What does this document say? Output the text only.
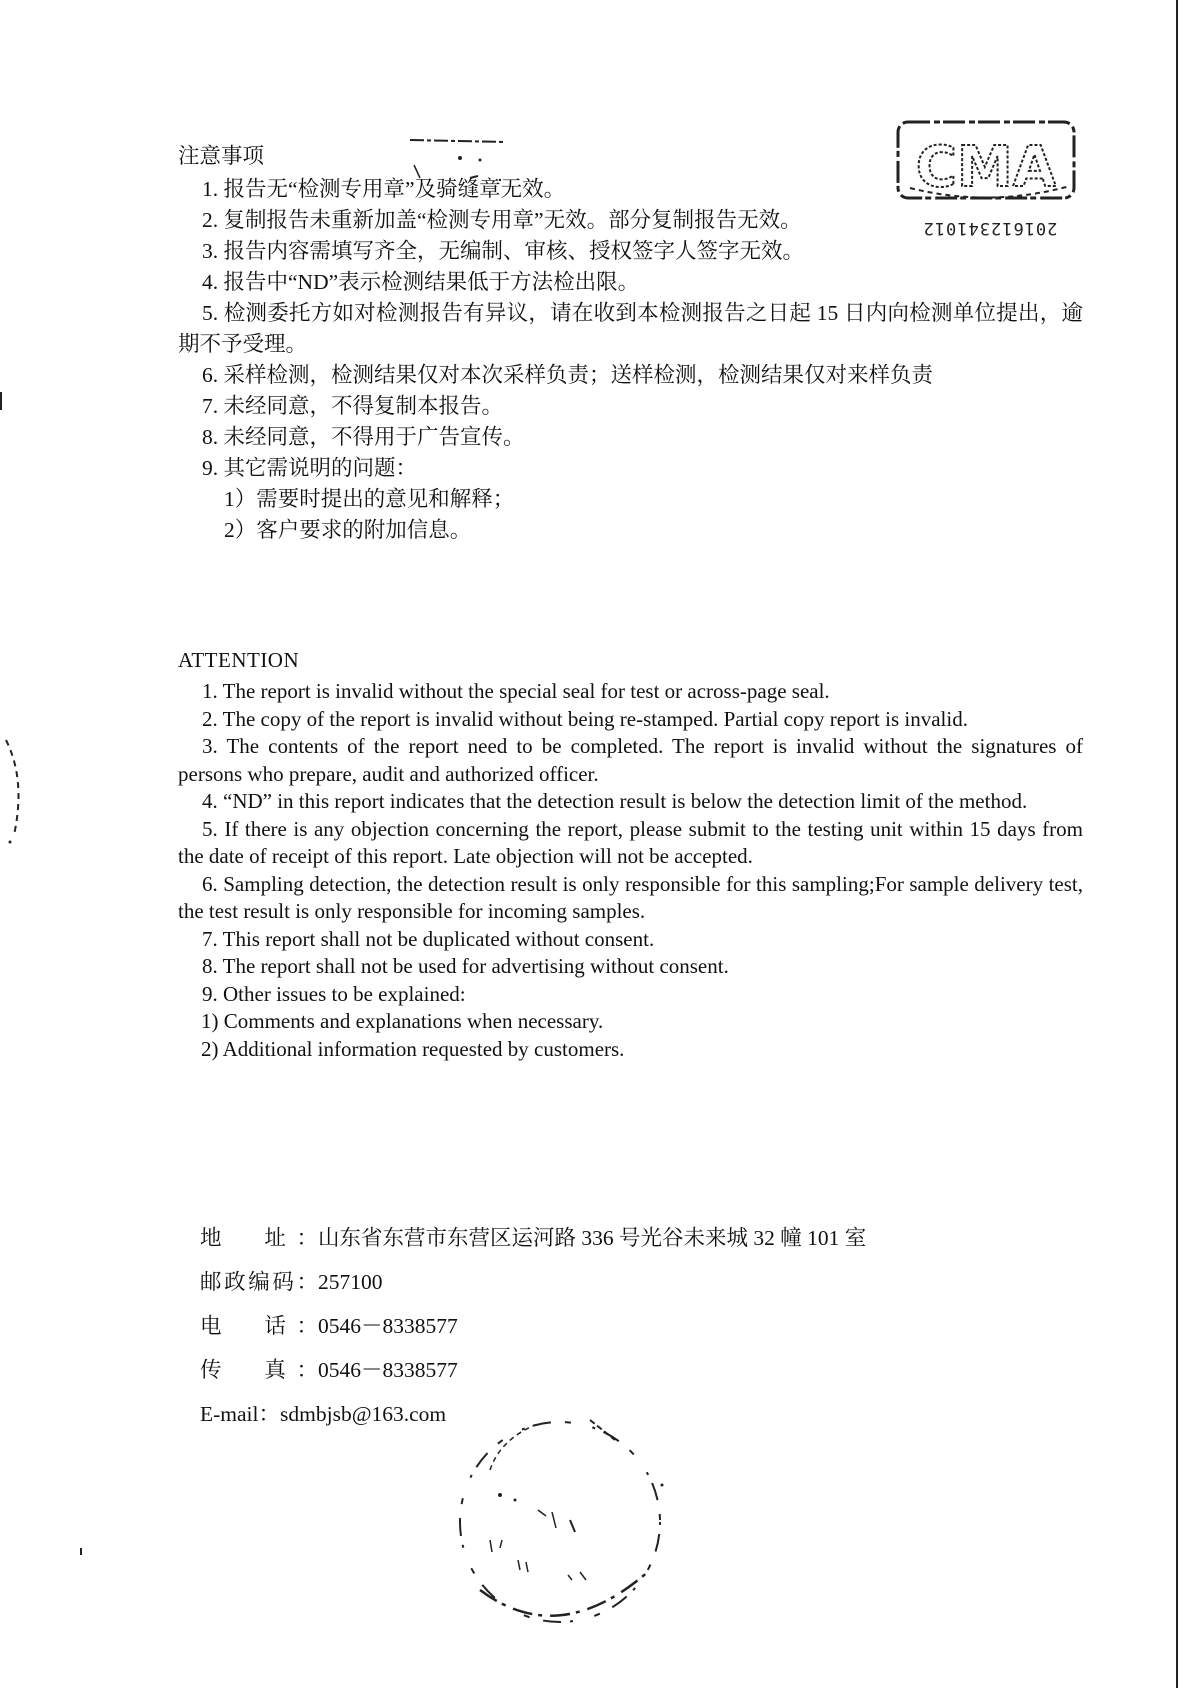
CMA
201612341012
注意事项
1. 报告无“检测专用章”及骑缝章无效。
2. 复制报告未重新加盖“检测专用章”无效。部分复制报告无效。
3. 报告内容需填写齐全，无编制、审核、授权签字人签字无效。
4. 报告中“ND”表示检测结果低于方法检出限。
5. 检测委托方如对检测报告有异议，请在收到本检测报告之日起 15 日内向检测单位提出，逾期不予受理。
6. 采样检测，检测结果仅对本次采样负责；送样检测，检测结果仅对来样负责
7. 未经同意，不得复制本报告。
8. 未经同意，不得用于广告宣传。
9. 其它需说明的问题：
1）需要时提出的意见和解释；
2）客户要求的附加信息。
ATTENTION
1. The report is invalid without the special seal for test or across-page seal.
2. The copy of the report is invalid without being re-stamped. Partial copy report is invalid.
3. The contents of the report need to be completed. The report is invalid without the signatures of persons who prepare, audit and authorized officer.
4. “ND” in this report indicates that the detection result is below the detection limit of the method.
5. If there is any objection concerning the report, please submit to the testing unit within 15 days from the date of receipt of this report. Late objection will not be accepted.
6. Sampling detection, the detection result is only responsible for this sampling;For sample delivery test, the test result is only responsible for incoming samples.
7. This report shall not be duplicated without consent.
8. The report shall not be used for advertising without consent.
9. Other issues to be explained:
1) Comments and explanations when necessary.
2) Additional information requested by customers.
地　址：山东省东营市东营区运河路 336 号光谷未来城 32 幢 101 室
邮政编码：257100
电　话：0546－8338577
传　真：0546－8338577
E-mail：sdmbjsb@163.com
